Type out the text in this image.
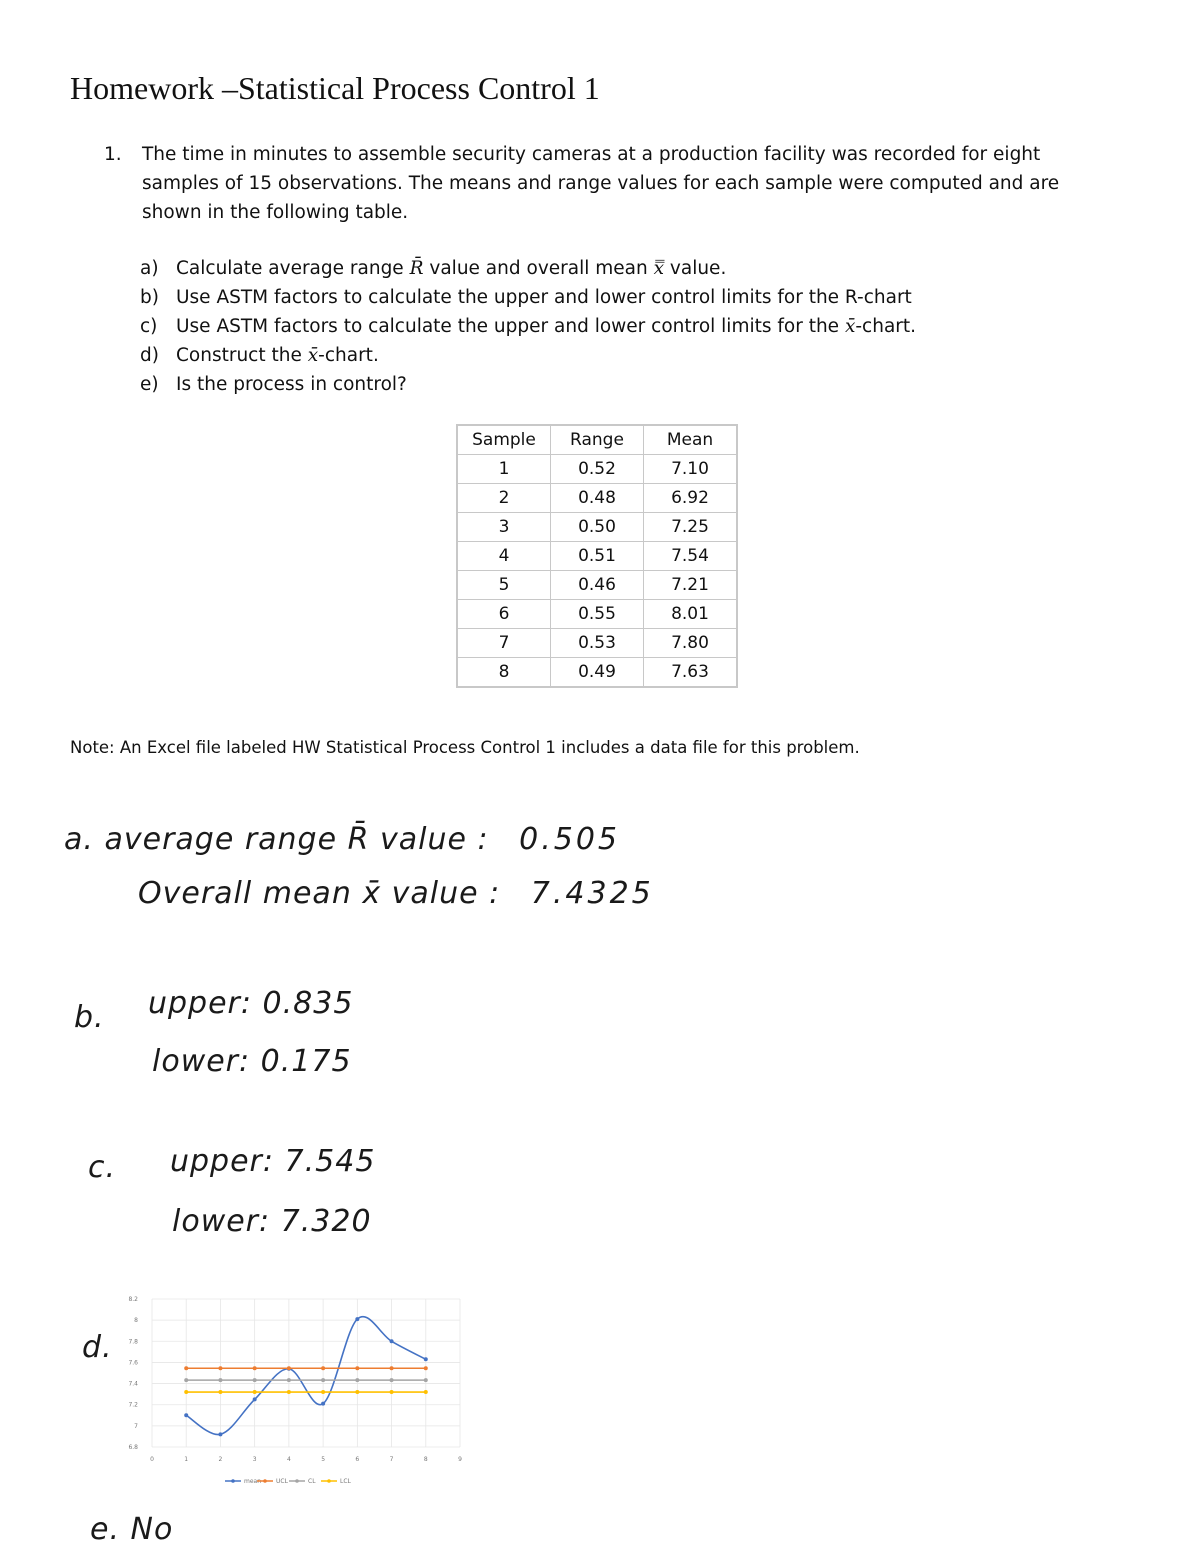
Homework –Statistical Process Control 1
1. The time in minutes to assemble security cameras at a production facility was recorded for eight samples of 15 observations. The means and range values for each sample were computed and are shown in the following table.
a) Calculate average range R̄ value and overall mean x̿ value.
b) Use ASTM factors to calculate the upper and lower control limits for the R-chart
c) Use ASTM factors to calculate the upper and lower control limits for the x̄-chart.
d) Construct the x̄-chart.
e) Is the process in control?
Sample	Range	Mean
1	0.52	7.10
2	0.48	6.92
3	0.50	7.25
4	0.51	7.54
5	0.46	7.21
6	0.55	8.01
7	0.53	7.80
8	0.49	7.63
Note: An Excel file labeled HW Statistical Process Control 1 includes a data file for this problem.
a. average range R̄ value : 0.505
Overall mean x̄ value : 7.4325
b. upper: 0.835
lower: 0.175
c. upper: 7.545
lower: 7.320
d.
6.8
7
7.2
7.4
7.6
7.8
8
8.2
0	1	2	3	4	5	6	7	8	9
mean UCL	CL	LCL
e. No
